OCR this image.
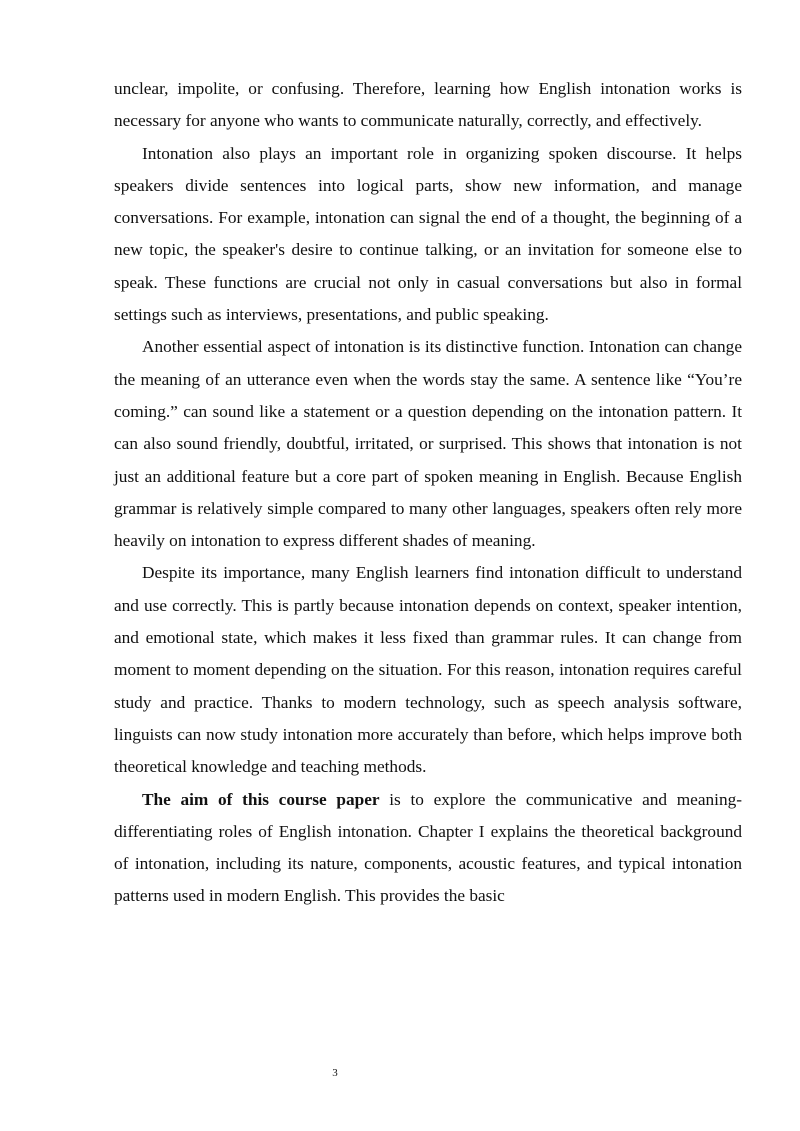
unclear, impolite, or confusing. Therefore, learning how English intonation works is necessary for anyone who wants to communicate naturally, correctly, and effectively.

Intonation also plays an important role in organizing spoken discourse. It helps speakers divide sentences into logical parts, show new information, and manage conversations. For example, intonation can signal the end of a thought, the beginning of a new topic, the speaker's desire to continue talking, or an invitation for someone else to speak. These functions are crucial not only in casual conversations but also in formal settings such as interviews, presentations, and public speaking.

Another essential aspect of intonation is its distinctive function. Intonation can change the meaning of an utterance even when the words stay the same. A sentence like “You’re coming.” can sound like a statement or a question depending on the intonation pattern. It can also sound friendly, doubtful, irritated, or surprised. This shows that intonation is not just an additional feature but a core part of spoken meaning in English. Because English grammar is relatively simple compared to many other languages, speakers often rely more heavily on intonation to express different shades of meaning.

Despite its importance, many English learners find intonation difficult to understand and use correctly. This is partly because intonation depends on context, speaker intention, and emotional state, which makes it less fixed than grammar rules. It can change from moment to moment depending on the situation. For this reason, intonation requires careful study and practice. Thanks to modern technology, such as speech analysis software, linguists can now study intonation more accurately than before, which helps improve both theoretical knowledge and teaching methods.

The aim of this course paper is to explore the communicative and meaning-differentiating roles of English intonation. Chapter I explains the theoretical background of intonation, including its nature, components, acoustic features, and typical intonation patterns used in modern English. This provides the basic

3
